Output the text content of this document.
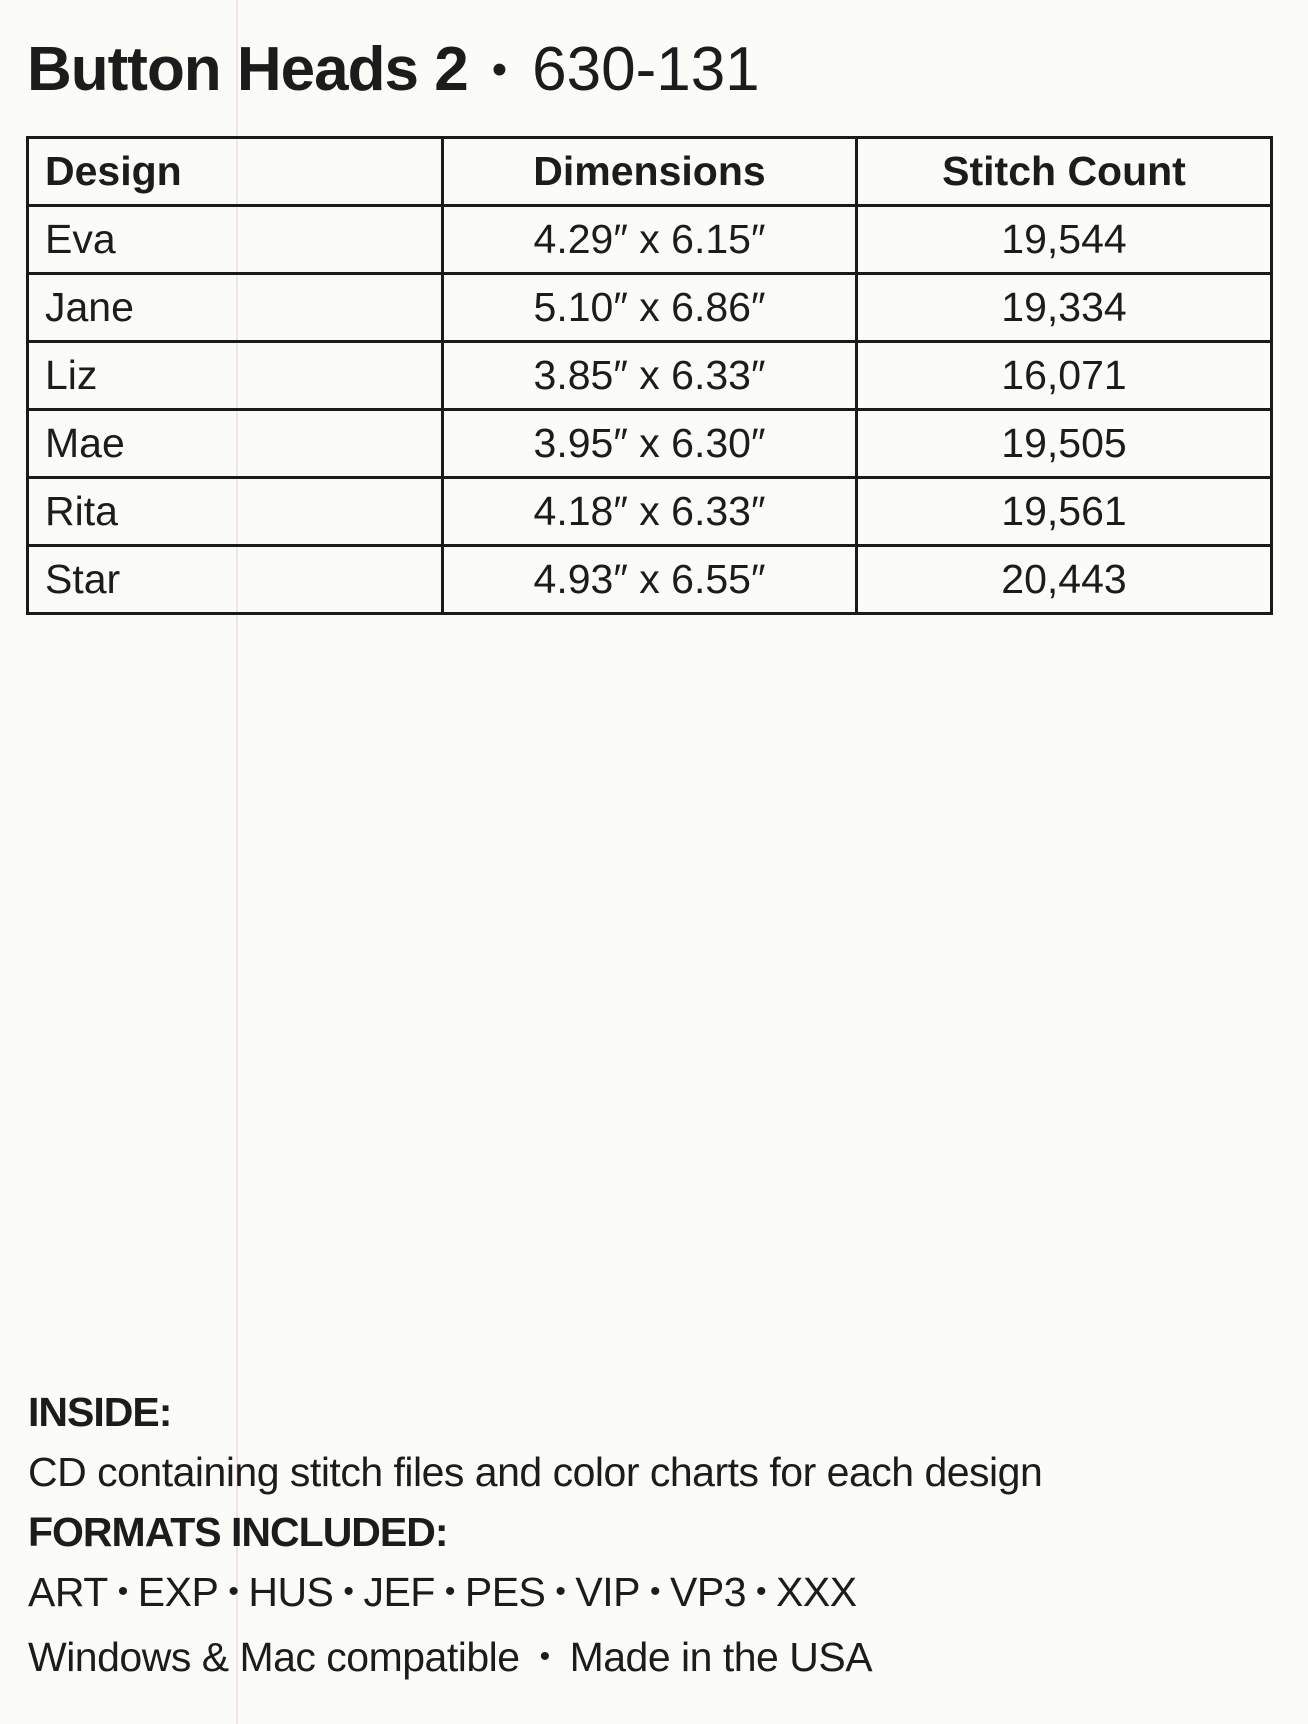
Button Heads 2 • 630-131
Design	Dimensions	Stitch Count
Eva	4.29″ x 6.15″	19,544
Jane	5.10″ x 6.86″	19,334
Liz	3.85″ x 6.33″	16,071
Mae	3.95″ x 6.30″	19,505
Rita	4.18″ x 6.33″	19,561
Star	4.93″ x 6.55″	20,443
INSIDE:
CD containing stitch files and color charts for each design
FORMATS INCLUDED:
ART • EXP • HUS • JEF • PES • VIP • VP3 • XXX
Windows & Mac compatible • Made in the USA
